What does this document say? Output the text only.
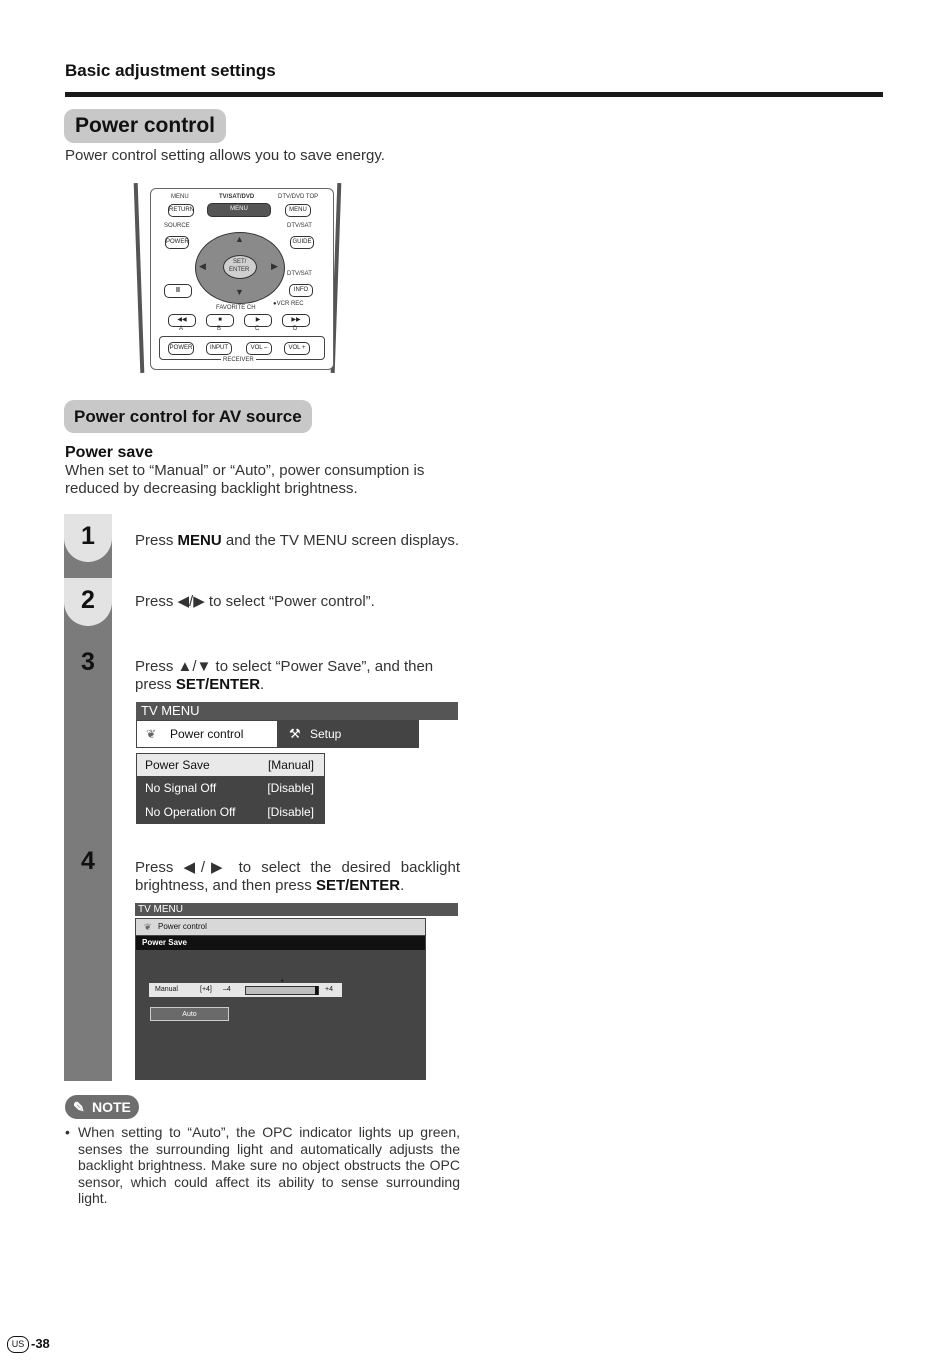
Basic adjustment settings
Power control
Power control setting allows you to save energy.
MENU	TV/SAT/DVD	DTV/DVD TOP
RETURN	MENU	MENU
SOURCE	DTV/SAT
POWER	GUIDE
▲
▼
◀	▶
SET/
ENTER
DTV/SAT
II	INFO
FAVORITE CH
●VCR REC
◀◀	■	▶	▶▶
A	B	C	D
POWER	INPUT	VOL –	VOL +
RECEIVER
Power control for AV source
Power save
When set to “Manual” or “Auto”, power consumption is reduced by decreasing backlight brightness.
1
2
3
4
Press MENU and the TV MENU screen displays.
Press ◀/▶ to select “Power control”.
Press ▲/▼ to select “Power Save”, and then
press SET/ENTER.
TV MENU
❦ Power control	⚒ Setup
Power Save	[Manual]
No Signal Off	[Disable]
No Operation Off	[Disable]
Press ◀/▶ to select the desired backlight brightness, and then press SET/ENTER.
TV MENU
❦ Power control
Power Save
Manual	[+4] –4
•
+4
Auto
✎ NOTE
• When setting to “Auto”, the OPC indicator lights up green, senses the surrounding light and automatically adjusts the backlight brightness. Make sure no object obstructs the OPC sensor, which could affect its ability to sense surrounding light.
US -38
